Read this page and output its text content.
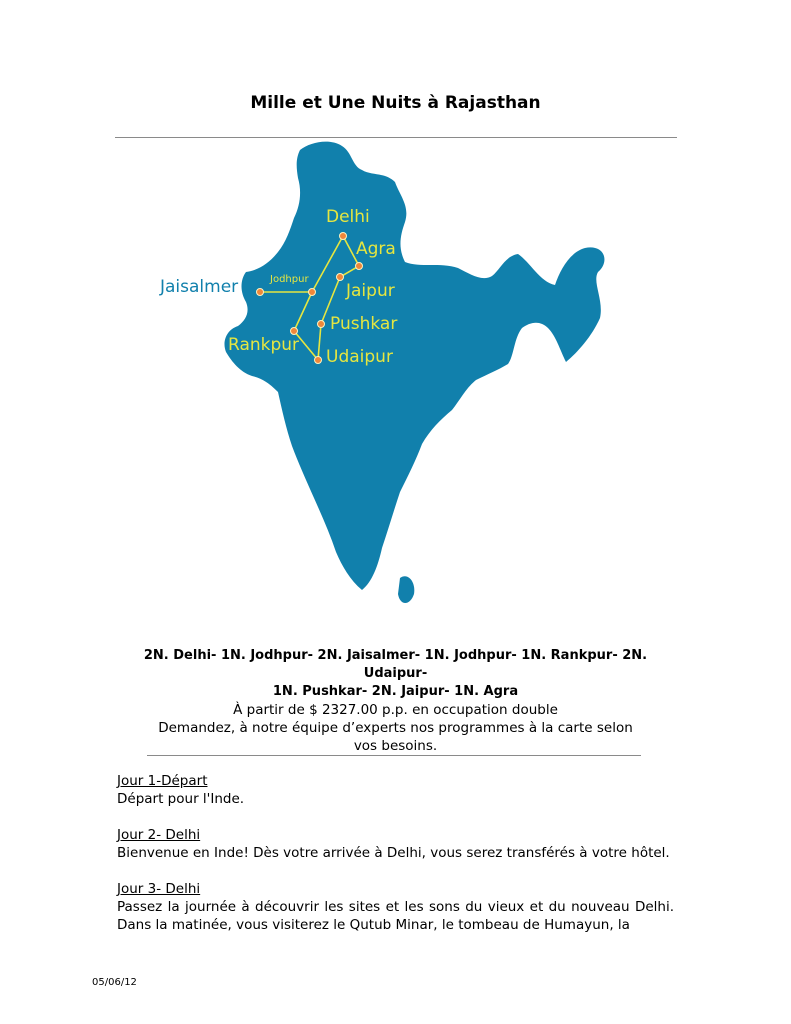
Mille et Une Nuits à Rajasthan
Delhi
Agra
Jodhpur
Jaisalmer	Jaipur
Pushkar
Rankpur
Udaipur
2N. Delhi- 1N. Jodhpur- 2N. Jaisalmer- 1N. Jodhpur- 1N. Rankpur- 2N. Udaipur-
1N. Pushkar- 2N. Jaipur- 1N. Agra
À partir de $ 2327.00 p.p. en occupation double
Demandez, à notre équipe d’experts nos programmes à la carte selon
vos besoins.
Jour 1-Départ
Départ pour l'Inde.
Jour 2- Delhi
Bienvenue en Inde! Dès votre arrivée à Delhi, vous serez transférés à votre hôtel.
Jour 3- Delhi
Passez la journée à découvrir les sites et les sons du vieux et du nouveau Delhi. Dans la matinée, vous visiterez le Qutub Minar, le tombeau de Humayun, la
05/06/12
